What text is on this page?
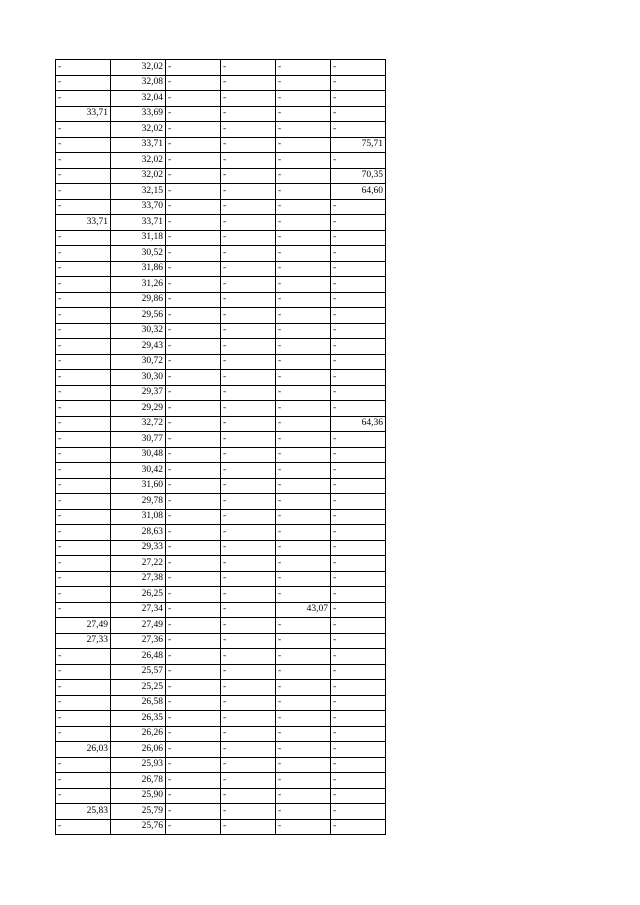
-	32,02	-	-	-	-
-	32,08	-	-	-	-
-	32,04	-	-	-	-
33,71	33,69	-	-	-	-
-	32,02	-	-	-	-
-	33,71	-	-	-	75,71
-	32,02	-	-	-	-
-	32,02	-	-	-	70,35
-	32,15	-	-	-	64,60
-	33,70	-	-	-	-
33,71	33,71	-	-	-	-
-	31,18	-	-	-	-
-	30,52	-	-	-	-
-	31,86	-	-	-	-
-	31,26	-	-	-	-
-	29,86	-	-	-	-
-	29,56	-	-	-	-
-	30,32	-	-	-	-
-	29,43	-	-	-	-
-	30,72	-	-	-	-
-	30,30	-	-	-	-
-	29,37	-	-	-	-
-	29,29	-	-	-	-
-	32,72	-	-	-	64,36
-	30,77	-	-	-	-
-	30,48	-	-	-	-
-	30,42	-	-	-	-
-	31,60	-	-	-	-
-	29,78	-	-	-	-
-	31,08	-	-	-	-
-	28,63	-	-	-	-
-	29,33	-	-	-	-
-	27,22	-	-	-	-
-	27,38	-	-	-	-
-	26,25	-	-	-	-
-	27,34	-	-	43,07	-
27,49	27,49	-	-	-	-
27,33	27,36	-	-	-	-
-	26,48	-	-	-	-
-	25,57	-	-	-	-
-	25,25	-	-	-	-
-	26,58	-	-	-	-
-	26,35	-	-	-	-
-	26,26	-	-	-	-
26,03	26,06	-	-	-	-
-	25,93	-	-	-	-
-	26,78	-	-	-	-
-	25,90	-	-	-	-
25,83	25,79	-	-	-	-
-	25,76	-	-	-	-
